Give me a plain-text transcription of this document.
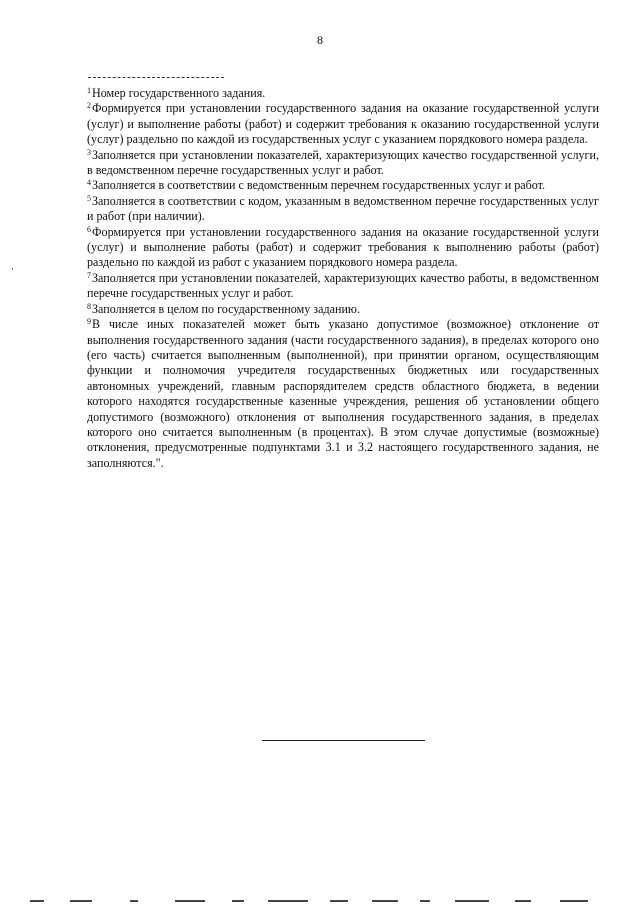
8

$^1$Номер государственного задания.

$^2$Формируется при установлении государственного задания на оказание государственной услуги (услуг) и выполнение работы (работ) и содержит требования к оказанию государственной услуги (услуг) раздельно по каждой из государственных услуг с указанием порядкового номера раздела.

$^3$Заполняется при установлении показателей, характеризующих качество государственной услуги, в ведомственном перечне государственных услуг и работ.

$^4$Заполняется в соответствии с ведомственным перечнем государственных услуг и работ.

$^5$Заполняется в соответствии с кодом, указанным в ведомственном перечне государственных услуг и работ (при наличии).

$^6$Формируется при установлении государственного задания на оказание государственной услуги (услуг) и выполнение работы (работ) и содержит требования к выполнению работы (работ) раздельно по каждой из работ с указанием порядкового номера раздела.

$^7$Заполняется при установлении показателей, характеризующих качество работы, в ведомственном перечне государственных услуг и работ.

$^8$Заполняется в целом по государственному заданию.

$^9$В числе иных показателей может быть указано допустимое (возможное) отклонение от выполнения государственного задания (части государственного задания), в пределах которого оно (его часть) считается выполненным (выполненной), при принятии органом, осуществляющим функции и полномочия учредителя государственных бюджетных или государственных автономных учреждений, главным распорядителем средств областного бюджета, в ведении которого находятся государственные казенные учреждения, решения об установлении общего допустимого (возможного) отклонения от выполнения государственного задания, в пределах которого оно считается выполненным (в процентах). В этом случае допустимые (возможные) отклонения, предусмотренные подпунктами 3.1 и 3.2 настоящего государственного задания, не заполняются.".
